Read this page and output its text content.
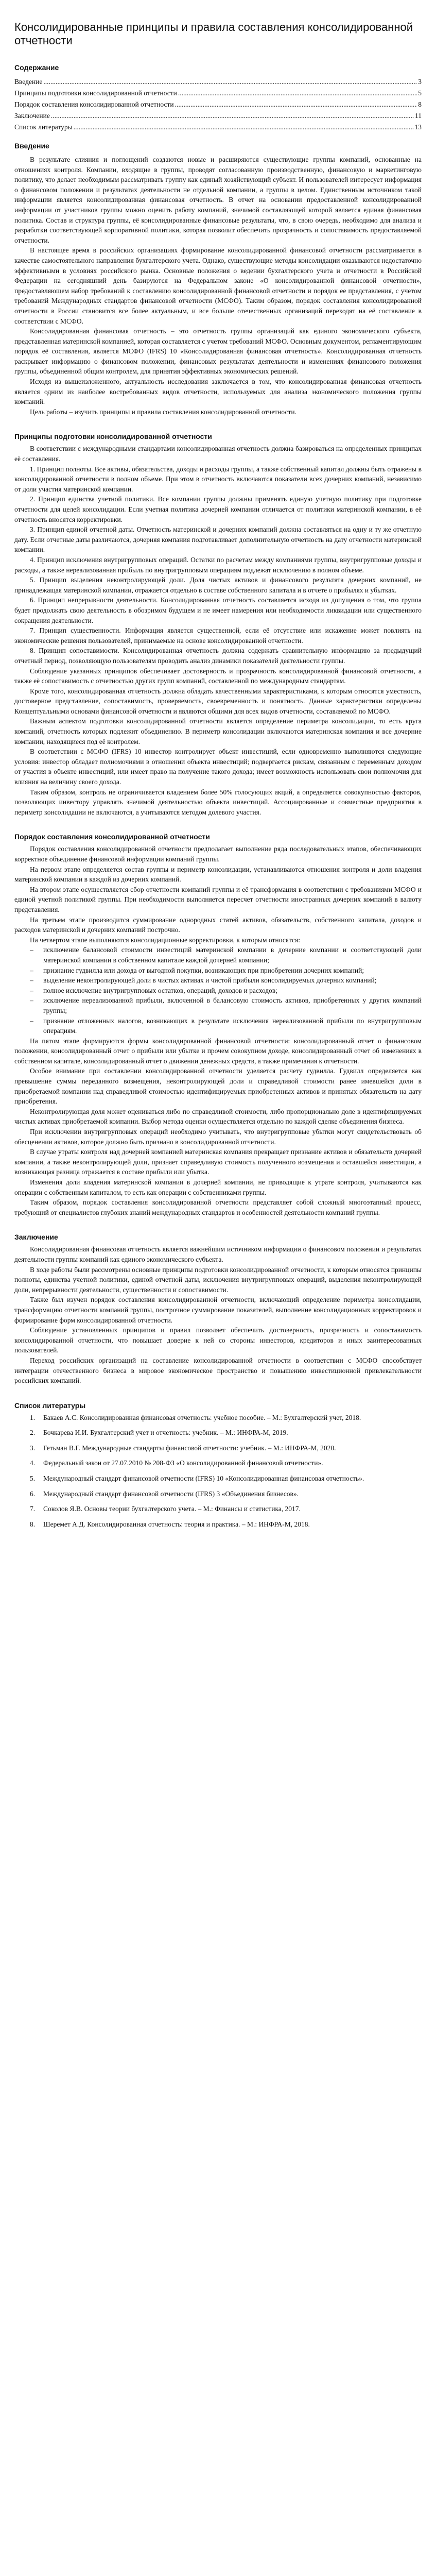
Консолидированные принципы и правила составления консолидированной отчетности
Содержание
Введение .....	3
Принципы подготовки консолидированной отчетности .....	5
Порядок составления консолидированной отчетности .....	8
Заключение .....	11
Список литературы .....	13
Введение

В результате слияния и поглощений создаются новые и расширяются существующие группы компаний, основанные на отношениях контроля. Компании, входящие в группы, проводят согласованную производственную, финансовую и маркетинговую политику, что делает необходимым рассматривать группу как единый хозяйствующий субъект. И пользователей интересует информация о финансовом положении и результатах деятельности не отдельной компании, а группы в целом. Единственным источником такой информации является консолидированная финансовая отчетность. В отчет на основании предоставленной консолидированной информации от участников группы можно оценить работу компаний, значимой составляющей которой является единая финансовая политика. Состав и структура группы, её консолидированные финансовые результаты, что, в свою очередь, необходимо для анализа и разработки соответствующей корпоративной политики, которая позволит обеспечить прозрачность и сопоставимость предоставляемой отчетности.

В настоящее время в российских организациях формирование консолидированной финансовой отчетности рассматривается в качестве самостоятельного направления бухгалтерского учета. Однако, существующие методы консолидации оказываются недостаточно эффективными в условиях российского рынка. Основные положения о ведении бухгалтерского учета и отчетности в Российской Федерации на сегодняшний день базируются на Федеральном законе «О консолидированной финансовой отчетности», предоставляющем набор требований к составлению консолидированной финансовой отчетности и порядок ее представления, с учетом требований Международных стандартов финансовой отчетности (МСФО). Таким образом, порядок составления консолидированной отчетности в России становится все более актуальным, и все больше отечественных организаций переходят на её составление в соответствии с МСФО.

Консолидированная финансовая отчетность – это отчетность группы организаций как единого экономического субъекта, представленная материнской компанией, которая составляется с учетом требований МСФО. Основным документом, регламентирующим порядок её составления, является МСФО (IFRS) 10 «Консолидированная финансовая отчетность». Консолидированная отчетность раскрывает информацию о финансовом положении, финансовых результатах деятельности и изменениях финансового положения группы, объединенной общим контролем, для принятия эффективных экономических решений.

Исходя из вышеизложенного, актуальность исследования заключается в том, что консолидированная финансовая отчетность является одним из наиболее востребованных видов отчетности, используемых для анализа экономического положения группы компаний.

Цель работы – изучить принципы и правила составления консолидированной отчетности.

Принципы подготовки консолидированной отчетности

В соответствии с международными стандартами консолидированная отчетность должна базироваться на определенных принципах её составления.

1. Принцип полноты. Все активы, обязательства, доходы и расходы группы, а также собственный капитал должны быть отражены в консолидированной отчетности в полном объеме. При этом в отчетность включаются показатели всех дочерних компаний, независимо от доли участия материнской компании.

2. Принцип единства учетной политики. Все компании группы должны применять единую учетную политику при подготовке отчетности для целей консолидации. Если учетная политика дочерней компании отличается от политики материнской компании, в её отчетность вносятся корректировки.

3. Принцип единой отчетной даты. Отчетность материнской и дочерних компаний должна составляться на одну и ту же отчетную дату. Если отчетные даты различаются, дочерняя компания подготавливает дополнительную отчетность на дату отчетности материнской компании.

4. Принцип исключения внутригрупповых операций. Остатки по расчетам между компаниями группы, внутригрупповые доходы и расходы, а также нереализованная прибыль по внутригрупповым операциям подлежат исключению в полном объеме.

5. Принцип выделения неконтролирующей доли. Доля чистых активов и финансового результата дочерних компаний, не принадлежащая материнской компании, отражается отдельно в составе собственного капитала и в отчете о прибылях и убытках.

6. Принцип непрерывности деятельности. Консолидированная отчетность составляется исходя из допущения о том, что группа будет продолжать свою деятельность в обозримом будущем и не имеет намерения или необходимости ликвидации или существенного сокращения деятельности.

7. Принцип существенности. Информация является существенной, если её отсутствие или искажение может повлиять на экономические решения пользователей, принимаемые на основе консолидированной отчетности.

8. Принцип сопоставимости. Консолидированная отчетность должна содержать сравнительную информацию за предыдущий отчетный период, позволяющую пользователям проводить анализ динамики показателей деятельности группы.

Соблюдение указанных принципов обеспечивает достоверность и прозрачность консолидированной финансовой отчетности, а также её сопоставимость с отчетностью других групп компаний, составленной по международным стандартам.

Кроме того, консолидированная отчетность должна обладать качественными характеристиками, к которым относятся уместность, достоверное представление, сопоставимость, проверяемость, своевременность и понятность. Данные характеристики определены Концептуальными основами финансовой отчетности и являются общими для всех видов отчетности, составляемой по МСФО.

Важным аспектом подготовки консолидированной отчетности является определение периметра консолидации, то есть круга компаний, отчетность которых подлежит объединению. В периметр консолидации включаются материнская компания и все дочерние компании, находящиеся под её контролем.

В соответствии с МСФО (IFRS) 10 инвестор контролирует объект инвестиций, если одновременно выполняются следующие условия: инвестор обладает полномочиями в отношении объекта инвестиций; подвергается рискам, связанным с переменным доходом от участия в объекте инвестиций, или имеет право на получение такого дохода; имеет возможность использовать свои полномочия для влияния на величину своего дохода.

Таким образом, контроль не ограничивается владением более 50% голосующих акций, а определяется совокупностью факторов, позволяющих инвестору управлять значимой деятельностью объекта инвестиций. Ассоциированные и совместные предприятия в периметр консолидации не включаются, а учитываются методом долевого участия.

Порядок составления консолидированной отчетности

Порядок составления консолидированной отчетности предполагает выполнение ряда последовательных этапов, обеспечивающих корректное объединение финансовой информации компаний группы.

На первом этапе определяется состав группы и периметр консолидации, устанавливаются отношения контроля и доли владения материнской компании в каждой из дочерних компаний.

На втором этапе осуществляется сбор отчетности компаний группы и её трансформация в соответствии с требованиями МСФО и единой учетной политикой группы. При необходимости выполняется пересчет отчетности иностранных дочерних компаний в валюту представления.

На третьем этапе производится суммирование однородных статей активов, обязательств, собственного капитала, доходов и расходов материнской и дочерних компаний построчно.

На четвертом этапе выполняются консолидационные корректировки, к которым относятся:

–	исключение балансовой стоимости инвестиций материнской компании в дочерние компании и соответствующей доли материнской компании в собственном капитале каждой дочерней компании;
–	признание гудвилла или дохода от выгодной покупки, возникающих при приобретении дочерних компаний;
–	выделение неконтролирующей доли в чистых активах и чистой прибыли консолидируемых дочерних компаний;
–	полное исключение внутригрупповых остатков, операций, доходов и расходов;
–	исключение нереализованной прибыли, включенной в балансовую стоимость активов, приобретенных у других компаний группы;
–	признание отложенных налогов, возникающих в результате исключения нереализованной прибыли по внутригрупповым операциям.

На пятом этапе формируются формы консолидированной финансовой отчетности: консолидированный отчет о финансовом положении, консолидированный отчет о прибыли или убытке и прочем совокупном доходе, консолидированный отчет об изменениях в собственном капитале, консолидированный отчет о движении денежных средств, а также примечания к отчетности.

Особое внимание при составлении консолидированной отчетности уделяется расчету гудвилла. Гудвилл определяется как превышение суммы переданного возмещения, неконтролирующей доли и справедливой стоимости ранее имевшейся доли в приобретаемой компании над справедливой стоимостью идентифицируемых приобретенных активов и принятых обязательств на дату приобретения.

Неконтролирующая доля может оцениваться либо по справедливой стоимости, либо пропорционально доле в идентифицируемых чистых активах приобретаемой компании. Выбор метода оценки осуществляется отдельно по каждой сделке объединения бизнеса.

При исключении внутригрупповых операций необходимо учитывать, что внутригрупповые убытки могут свидетельствовать об обесценении активов, которое должно быть признано в консолидированной отчетности.

В случае утраты контроля над дочерней компанией материнская компания прекращает признание активов и обязательств дочерней компании, а также неконтролирующей доли, признает справедливую стоимость полученного возмещения и оставшейся инвестиции, а возникающая разница отражается в составе прибыли или убытка.

Изменения доли владения материнской компании в дочерней компании, не приводящие к утрате контроля, учитываются как операции с собственным капиталом, то есть как операции с собственниками группы.

Таким образом, порядок составления консолидированной отчетности представляет собой сложный многоэтапный процесс, требующий от специалистов глубоких знаний международных стандартов и особенностей деятельности компаний группы.

Заключение

Консолидированная финансовая отчетность является важнейшим источником информации о финансовом положении и результатах деятельности группы компаний как единого экономического субъекта.

В ходе работы были рассмотрены основные принципы подготовки консолидированной отчетности, к которым относятся принципы полноты, единства учетной политики, единой отчетной даты, исключения внутригрупповых операций, выделения неконтролирующей доли, непрерывности деятельности, существенности и сопоставимости.

Также был изучен порядок составления консолидированной отчетности, включающий определение периметра консолидации, трансформацию отчетности компаний группы, построчное суммирование показателей, выполнение консолидационных корректировок и формирование форм консолидированной отчетности.

Соблюдение установленных принципов и правил позволяет обеспечить достоверность, прозрачность и сопоставимость консолидированной отчетности, что повышает доверие к ней со стороны инвесторов, кредиторов и иных заинтересованных пользователей.

Переход российских организаций на составление консолидированной отчетности в соответствии с МСФО способствует интеграции отечественного бизнеса в мировое экономическое пространство и повышению инвестиционной привлекательности российских компаний.

Список литературы
1.	Бакаев А.С. Консолидированная финансовая отчетность: учебное пособие. – М.: Бухгалтерский учет, 2018.
2.	Бочкарева И.И. Бухгалтерский учет и отчетность: учебник. – М.: ИНФРА-М, 2019.
3.	Гетьман В.Г. Международные стандарты финансовой отчетности: учебник. – М.: ИНФРА-М, 2020.
4.	Федеральный закон от 27.07.2010 № 208-ФЗ «О консолидированной финансовой отчетности».
5.	Международный стандарт финансовой отчетности (IFRS) 10 «Консолидированная финансовая отчетность».
6.	Международный стандарт финансовой отчетности (IFRS) 3 «Объединения бизнесов».
7.	Соколов Я.В. Основы теории бухгалтерского учета. – М.: Финансы и статистика, 2017.
8.	Шеремет А.Д. Консолидированная отчетность: теория и практика. – М.: ИНФРА-М, 2018.
